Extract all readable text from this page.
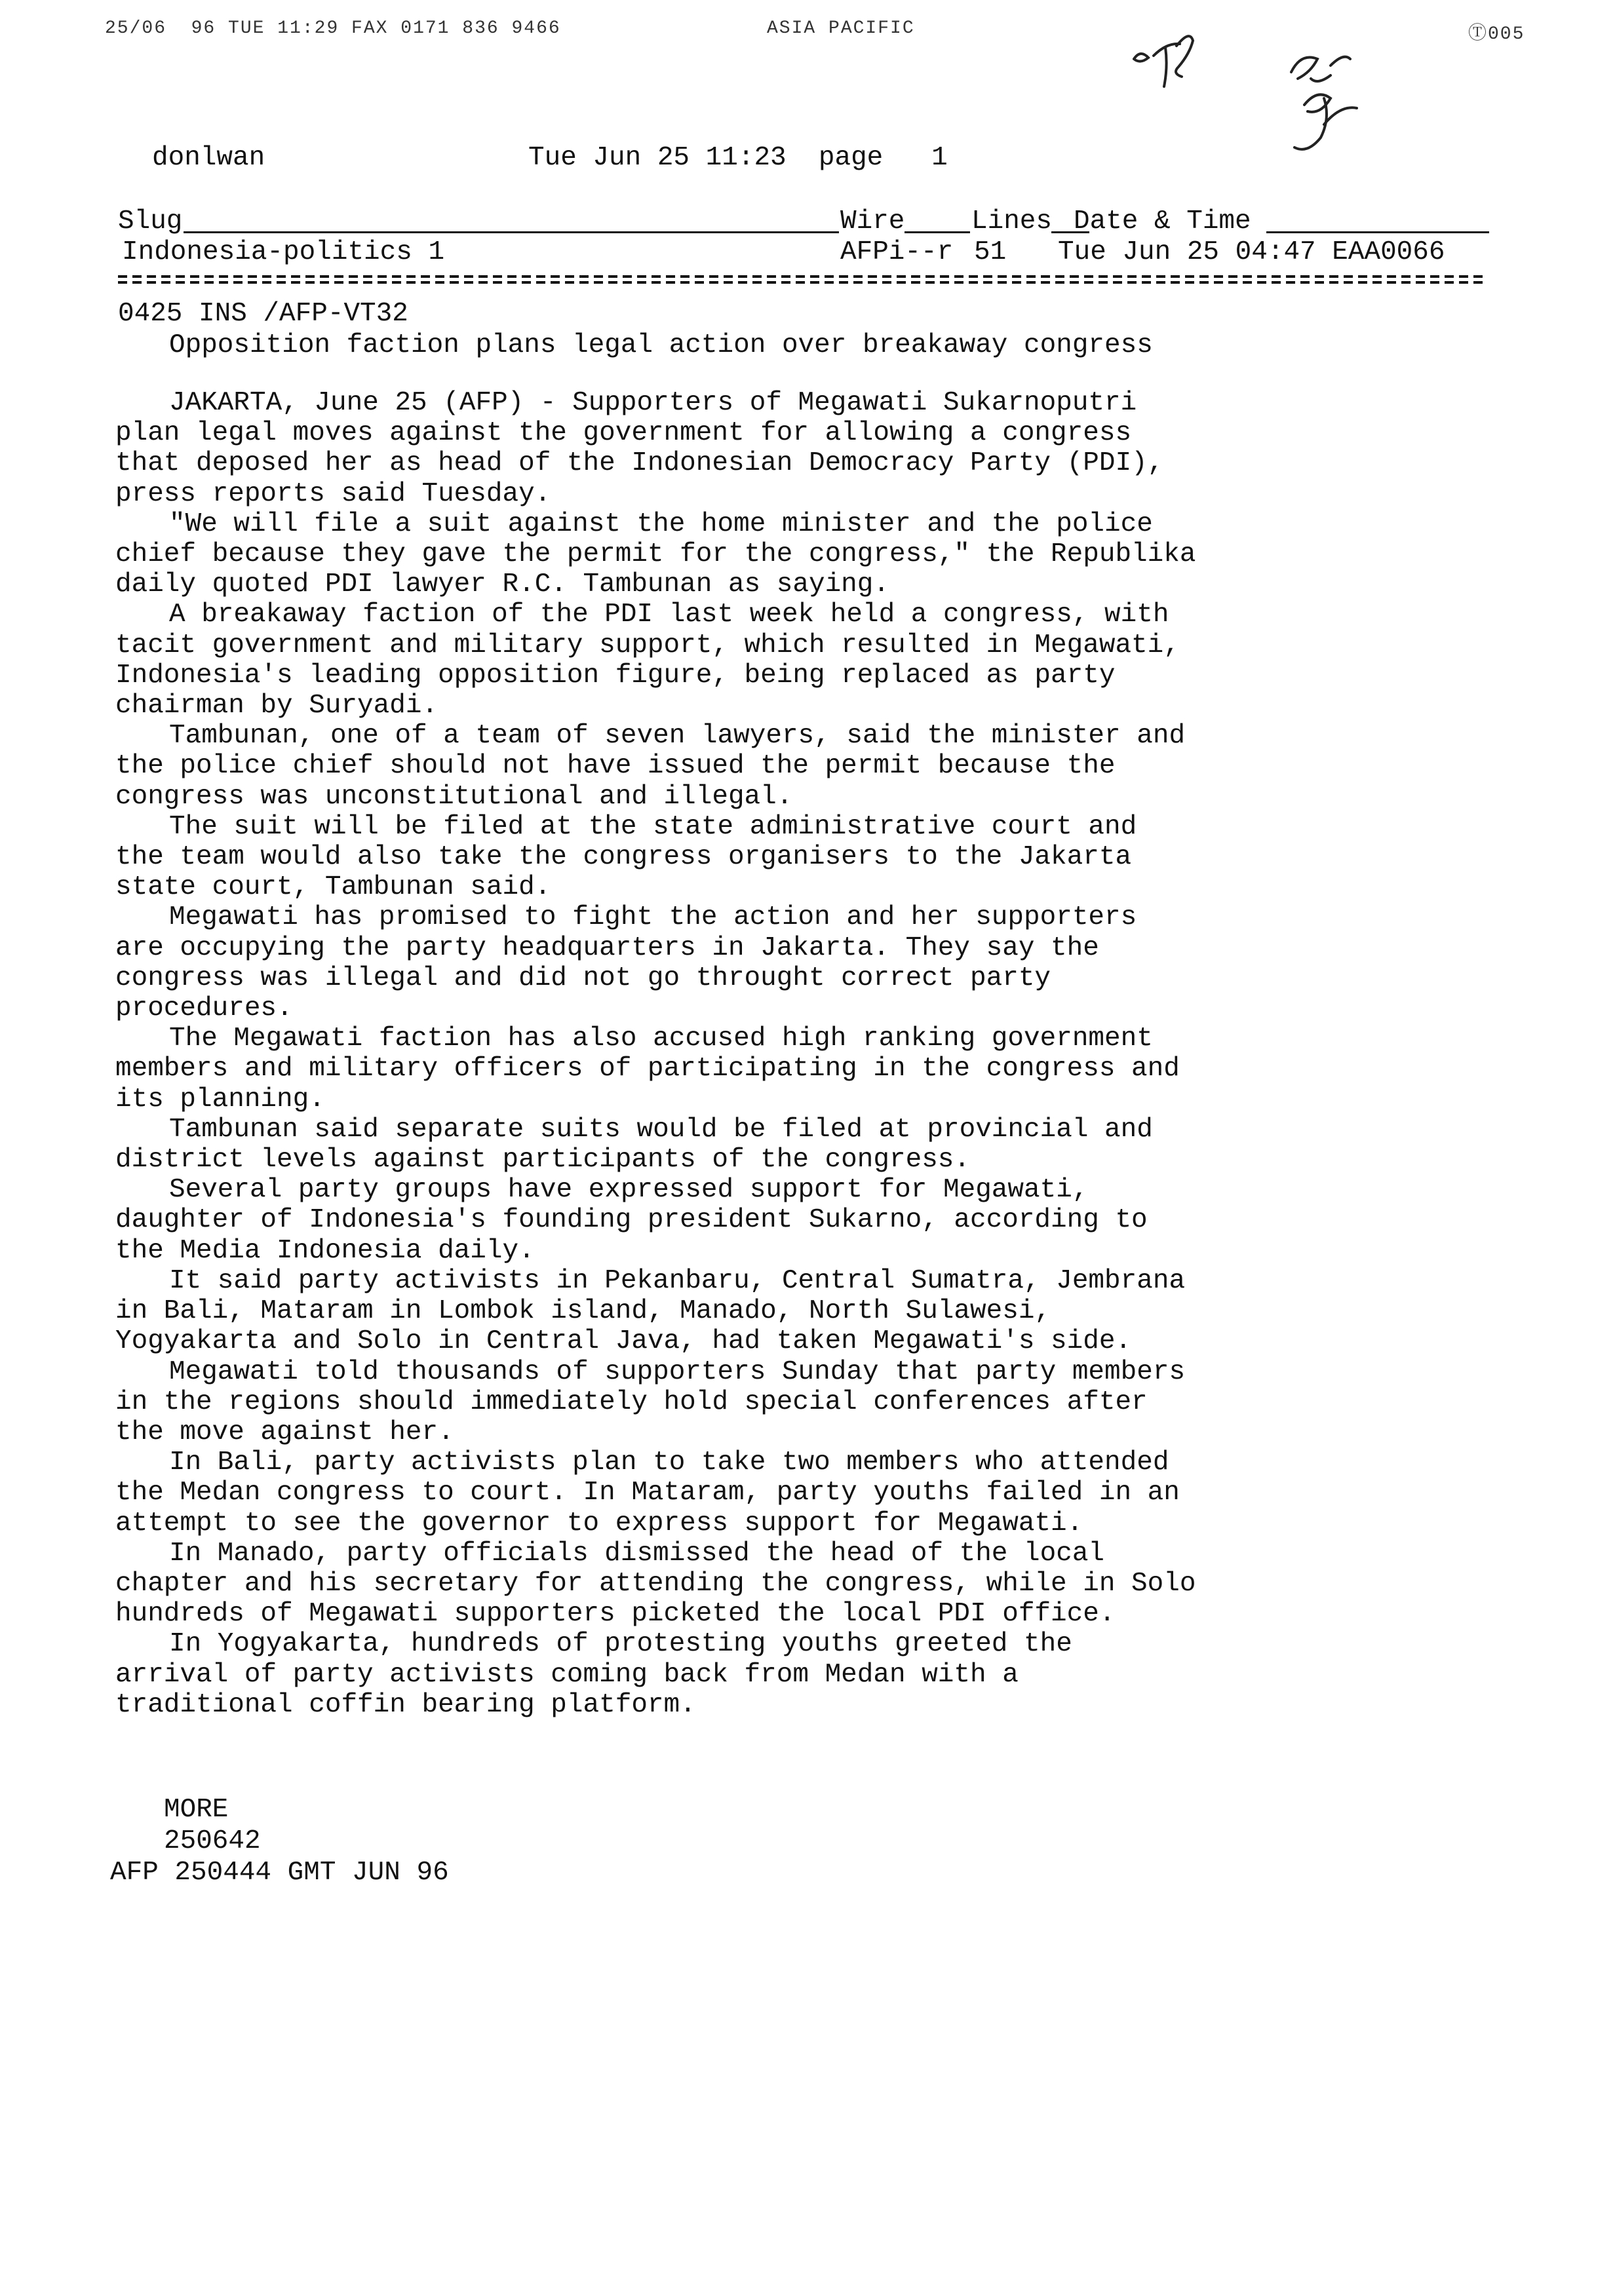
25/06  96 TUE 11:29 FAX 0171 836 9466	ASIA PACIFIC	Ⓣ005
donlwan	Tue Jun 25 11:23  page   1
Slug	Wire Lines Date & Time
Indonesia-politics 1	AFPi--r 51 Tue Jun 25 04:47 EAA0066
0425 INS /AFP-VT32
Opposition faction plans legal action over breakaway congress
JAKARTA, June 25 (AFP) - Supporters of Megawati Sukarnoputri
plan legal moves against the government for allowing a congress
that deposed her as head of the Indonesian Democracy Party (PDI),
press reports said Tuesday.
"We will file a suit against the home minister and the police
chief because they gave the permit for the congress," the Republika
daily quoted PDI lawyer R.C. Tambunan as saying.
A breakaway faction of the PDI last week held a congress, with
tacit government and military support, which resulted in Megawati,
Indonesia's leading opposition figure, being replaced as party
chairman by Suryadi.
Tambunan, one of a team of seven lawyers, said the minister and
the police chief should not have issued the permit because the
congress was unconstitutional and illegal.
The suit will be filed at the state administrative court and
the team would also take the congress organisers to the Jakarta
state court, Tambunan said.
Megawati has promised to fight the action and her supporters
are occupying the party headquarters in Jakarta. They say the
congress was illegal and did not go throught correct party
procedures.
The Megawati faction has also accused high ranking government
members and military officers of participating in the congress and
its planning.
Tambunan said separate suits would be filed at provincial and
district levels against participants of the congress.
Several party groups have expressed support for Megawati,
daughter of Indonesia's founding president Sukarno, according to
the Media Indonesia daily.
It said party activists in Pekanbaru, Central Sumatra, Jembrana
in Bali, Mataram in Lombok island, Manado, North Sulawesi,
Yogyakarta and Solo in Central Java, had taken Megawati's side.
Megawati told thousands of supporters Sunday that party members
in the regions should immediately hold special conferences after
the move against her.
In Bali, party activists plan to take two members who attended
the Medan congress to court. In Mataram, party youths failed in an
attempt to see the governor to express support for Megawati.
In Manado, party officials dismissed the head of the local
chapter and his secretary for attending the congress, while in Solo
hundreds of Megawati supporters picketed the local PDI office.
In Yogyakarta, hundreds of protesting youths greeted the
arrival of party activists coming back from Medan with a
traditional coffin bearing platform.
MORE
250642
AFP 250444 GMT JUN 96
